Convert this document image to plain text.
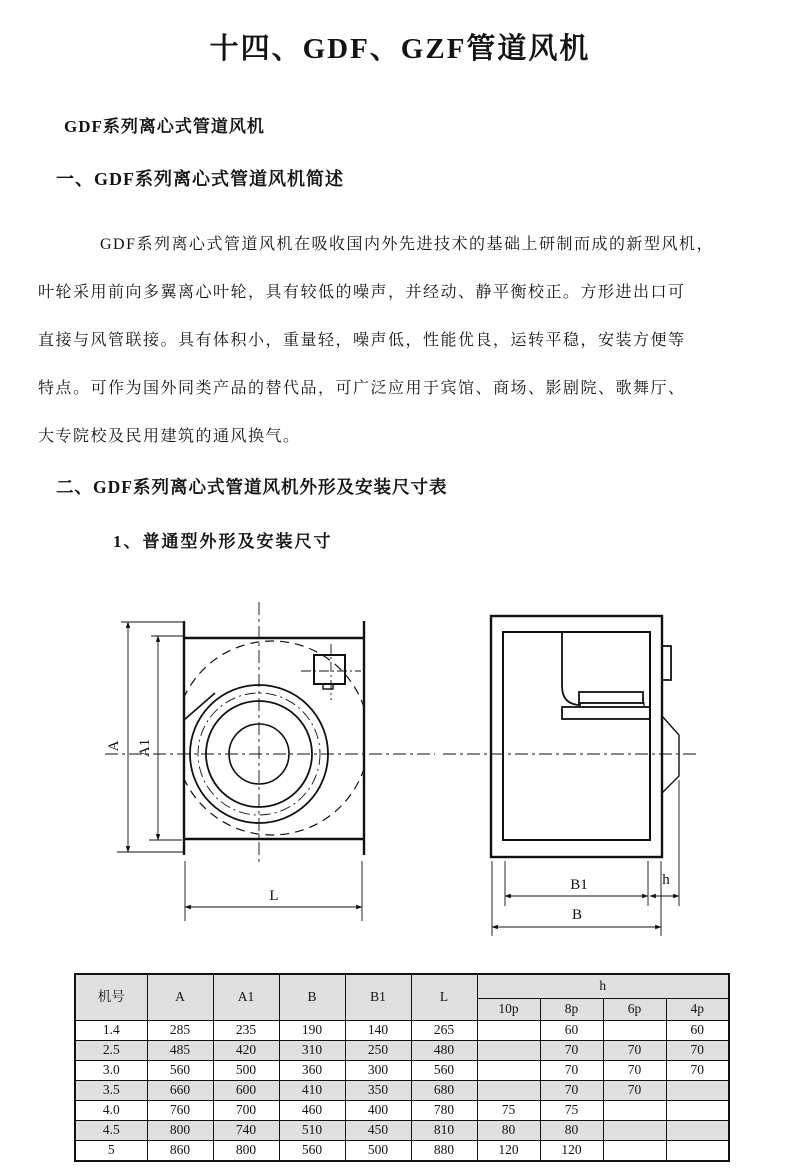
十四、GDF、GZF管道风机
GDF系列离心式管道风机
一、GDF系列离心式管道风机简述
GDF系列离心式管道风机在吸收国内外先进技术的基础上研制而成的新型风机，
叶轮采用前向多翼离心叶轮，具有较低的噪声，并经动、静平衡校正。方形进出口可
直接与风管联接。具有体积小，重量轻，噪声低，性能优良，运转平稳，安装方便等
特点。可作为国外同类产品的替代品，可广泛应用于宾馆、商场、影剧院、歌舞厅、
大专院校及民用建筑的通风换气。
二、GDF系列离心式管道风机外形及安装尺寸表
1、普通型外形及安装尺寸
A A1
L
B1	h
B
机号	A	A1	B	B1	L	h			
						10p	8p	6p	4p
1.4	285	235	190	140	265		60		60
2.5	485	420	310	250	480		70	70	70
3.0	560	500	360	300	560		70	70	70
3.5	660	600	410	350	680		70	70	
4.0	760	700	460	400	780	75	75		
4.5	800	740	510	450	810	80	80		
5	860	800	560	500	880	120	120		
